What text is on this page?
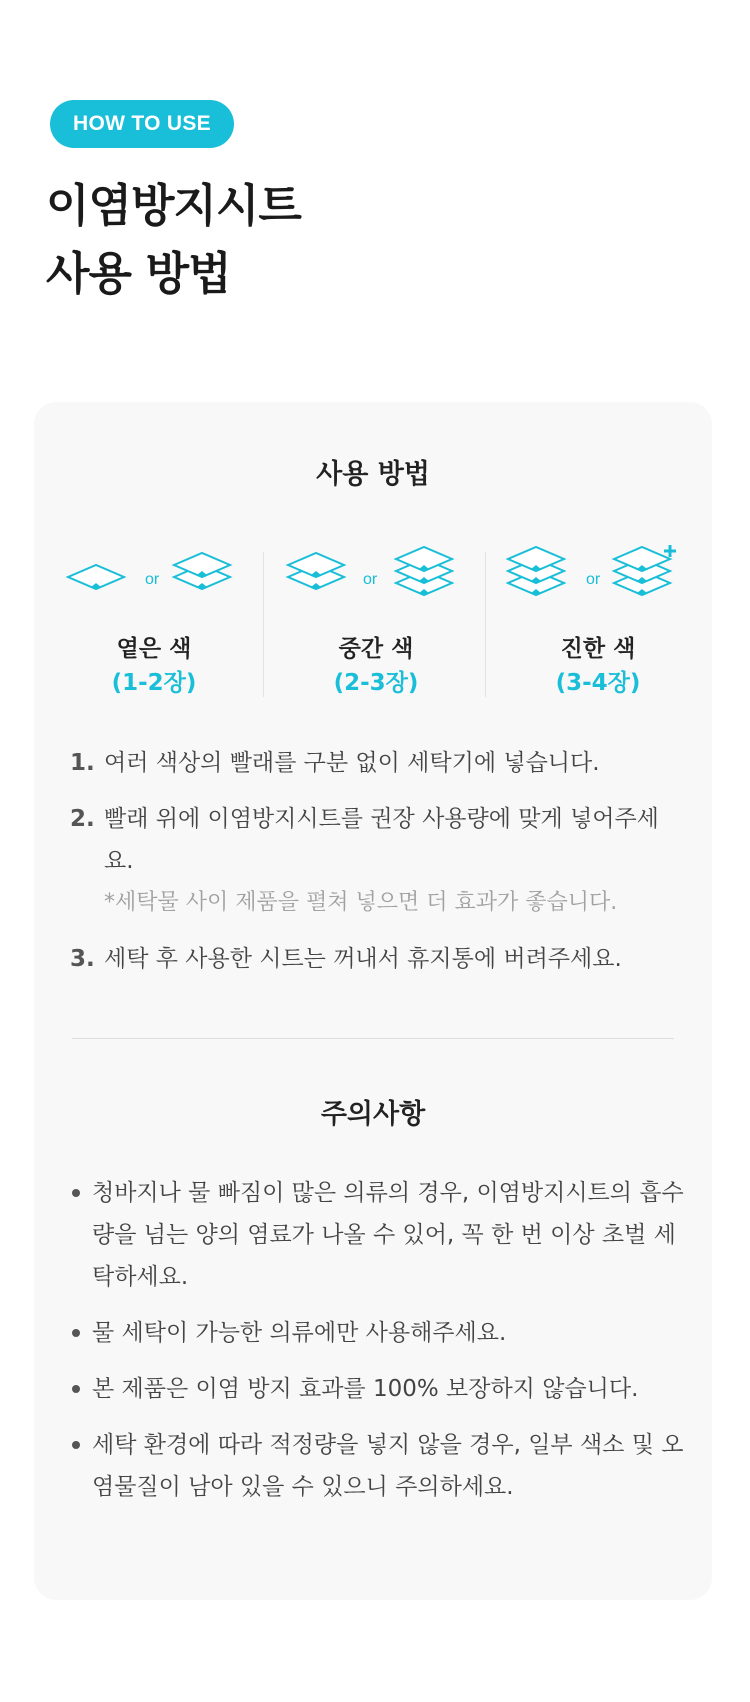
HOW TO USE
이염방지시트
사용 방법
사용 방법
or
옅은 색
(1-2장)
or
중간 색
(2-3장)
or
진한 색
(3-4장)
1. 여러 색상의 빨래를 구분 없이 세탁기에 넣습니다.
2. 빨래 위에 이염방지시트를 권장 사용량에 맞게 넣어주세요.
*세탁물 사이 제품을 펼쳐 넣으면 더 효과가 좋습니다.
3. 세탁 후 사용한 시트는 꺼내서 휴지통에 버려주세요.
주의사항
청바지나 물 빠짐이 많은 의류의 경우, 이염방지시트의 흡수량을 넘는 양의 염료가 나올 수 있어, 꼭 한 번 이상 초벌 세탁하세요.
물 세탁이 가능한 의류에만 사용해주세요.
본 제품은 이염 방지 효과를 100% 보장하지 않습니다.
세탁 환경에 따라 적정량을 넣지 않을 경우, 일부 색소 및 오염물질이 남아 있을 수 있으니 주의하세요.
